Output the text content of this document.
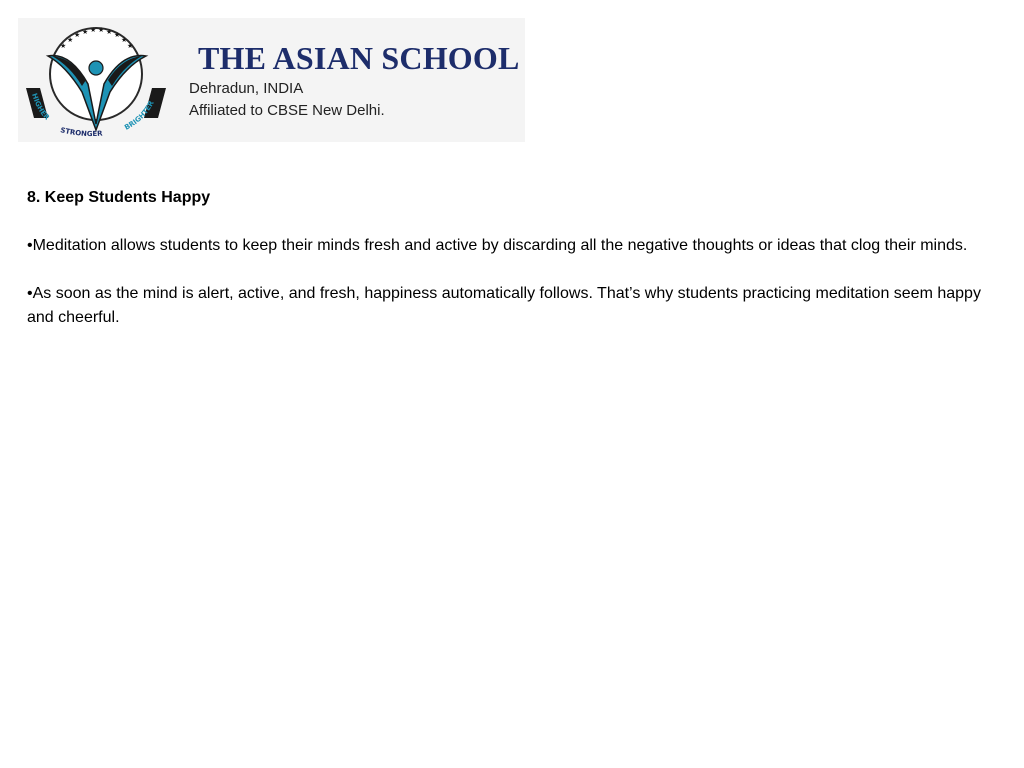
★
★ ★ ★ ★ ★ ★
★
★	★
HIGHER
STRONGER
BRIGHTER
THE ASIAN SCHOOL
Dehradun, INDIA
Affiliated to CBSE New Delhi.

8. Keep Students Happy

•Meditation allows students to keep their minds fresh and active by discarding all the negative thoughts or ideas that clog their minds.

•As soon as the mind is alert, active, and fresh, happiness automatically follows. That’s why students practicing meditation seem happy and cheerful.
